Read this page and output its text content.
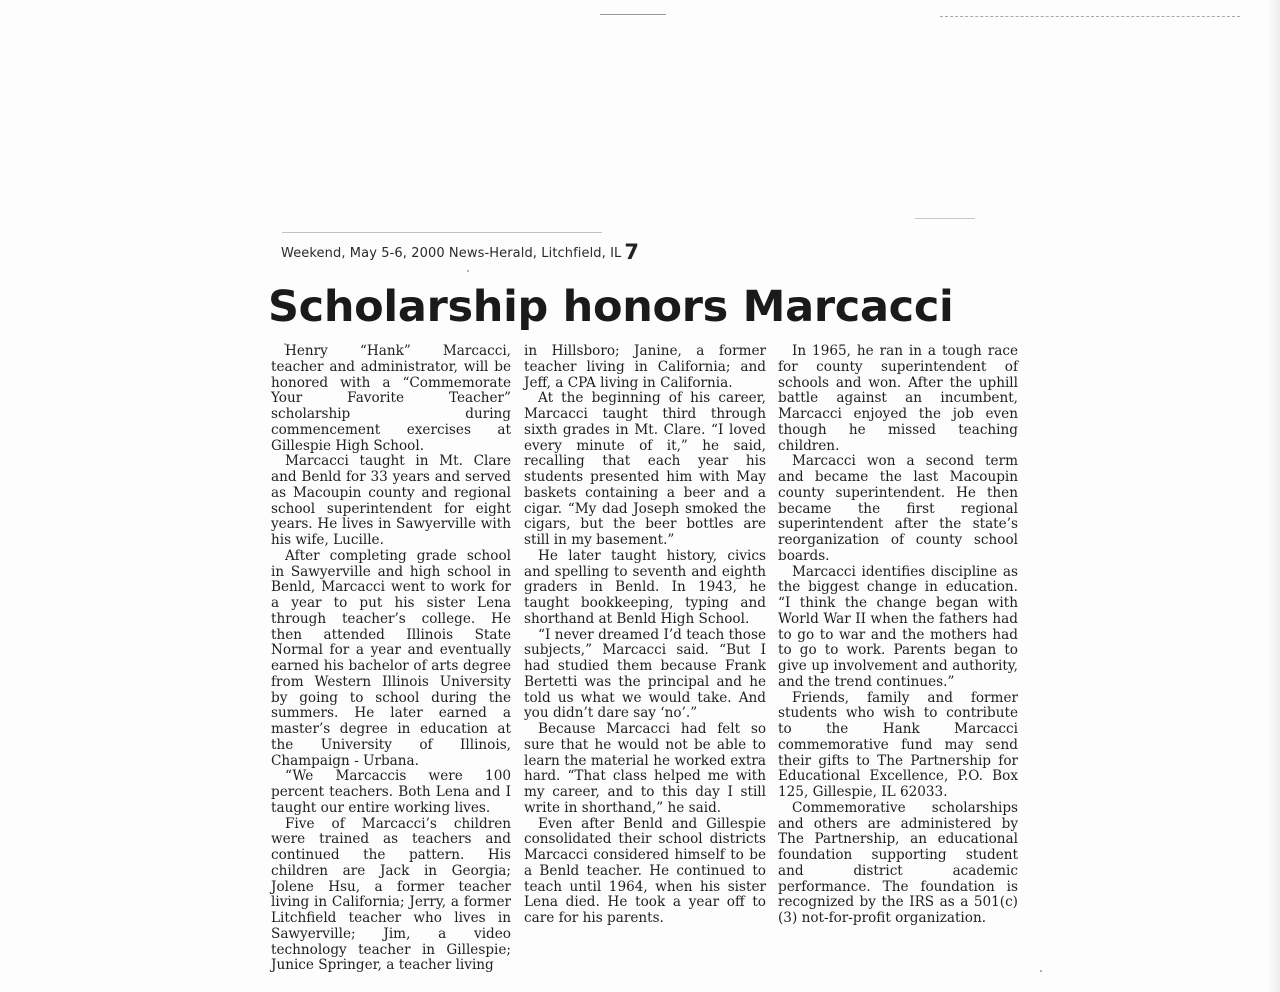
Weekend, May 5-6, 2000 News-Herald, Litchfield, IL 7
Scholarship honors Marcacci

Henry “Hank” Marcacci, teacher and administrator, will be honored with a “Commemorate Your Favorite Teacher” scholarship during commencement exercises at Gillespie High School.

Marcacci taught in Mt. Clare and Benld for 33 years and served as Macoupin county and regional school superintendent for eight years. He lives in Sawyerville with his wife, Lucille.

After completing grade school in Sawyerville and high school in Benld, Marcacci went to work for a year to put his sister Lena through teacher’s college. He then attended Illinois State Normal for a year and eventually earned his bachelor of arts degree from Western Illinois University by going to school during the summers. He later earned a master’s degree in education at the University of Illinois, Champaign - Urbana.

“We Marcaccis were 100 percent teachers. Both Lena and I taught our entire working lives.

Five of Marcacci’s children were trained as teachers and continued the pattern. His children are Jack in Georgia; Jolene Hsu, a former teacher living in California; Jerry, a former Litchfield teacher who lives in Sawyerville; Jim, a video technology teacher in Gillespie; Junice Springer, a teacher living

in Hillsboro; Janine, a former teacher living in California; and Jeff, a CPA living in California.

At the beginning of his career, Marcacci taught third through sixth grades in Mt. Clare. “I loved every minute of it,” he said, recalling that each year his students presented him with May baskets containing a beer and a cigar. “My dad Joseph smoked the cigars, but the beer bottles are still in my basement.”

He later taught history, civics and spelling to seventh and eighth graders in Benld. In 1943, he taught bookkeeping, typing and shorthand at Benld High School.

“I never dreamed I’d teach those subjects,” Marcacci said. “But I had studied them because Frank Bertetti was the principal and he told us what we would take. And you didn’t dare say ‘no’.”

Because Marcacci had felt so sure that he would not be able to learn the material he worked extra hard. “That class helped me with my career, and to this day I still write in shorthand,” he said.

Even after Benld and Gillespie consolidated their school districts Marcacci considered himself to be a Benld teacher. He continued to teach until 1964, when his sister Lena died. He took a year off to care for his parents.

In 1965, he ran in a tough race for county superintendent of schools and won. After the uphill battle against an incumbent, Marcacci enjoyed the job even though he missed teaching children.

Marcacci won a second term and became the last Macoupin county superintendent. He then became the first regional superintendent after the state’s reorganization of county school boards.

Marcacci identifies discipline as the biggest change in education. “I think the change began with World War II when the fathers had to go to war and the mothers had to go to work. Parents began to give up involvement and authority, and the trend continues.”

Friends, family and former students who wish to contribute to the Hank Marcacci commemorative fund may send their gifts to The Partnership for Educational Excellence, P.O. Box 125, Gillespie, IL 62033.

Commemorative scholarships and others are administered by The Partnership, an educational foundation supporting student and district academic performance. The foundation is recognized by the IRS as a 501(c)(3) not-for-profit organization.
